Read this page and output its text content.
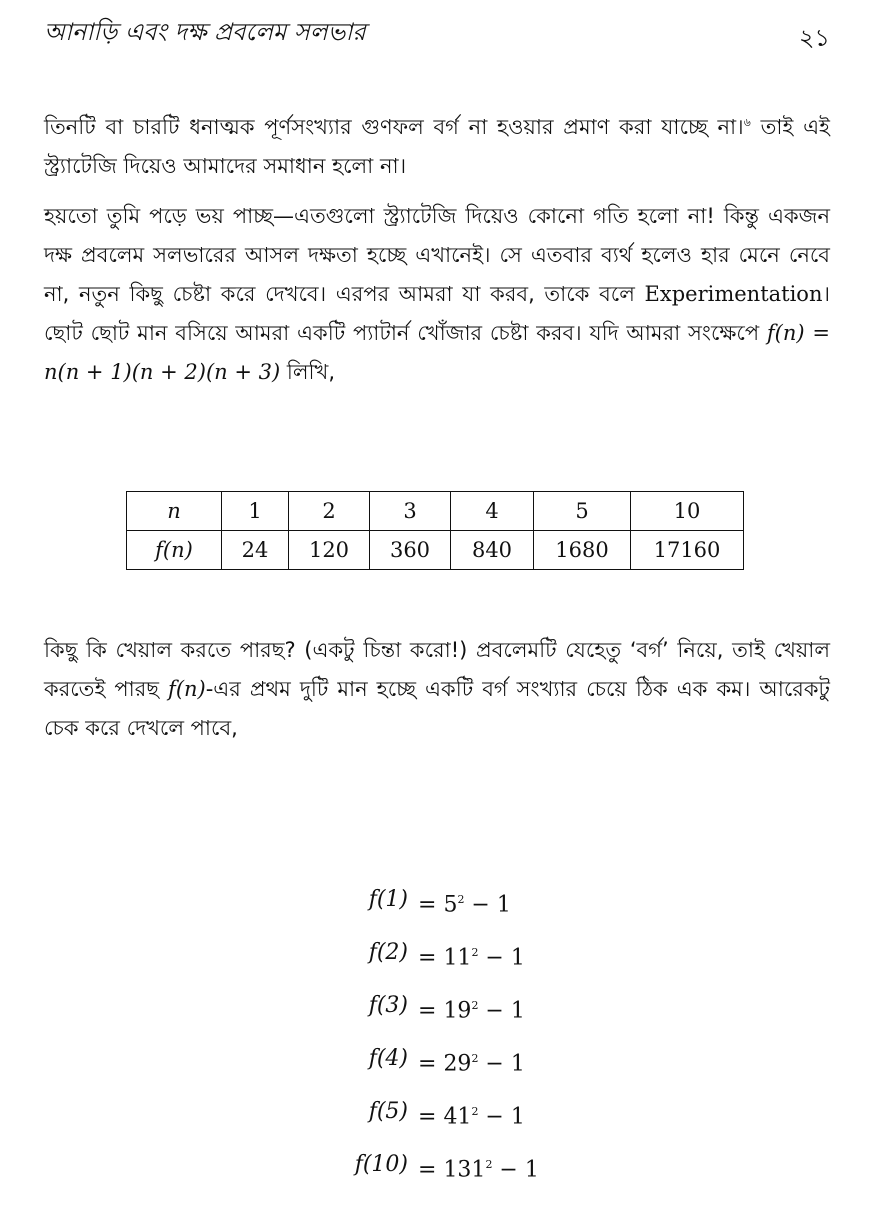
আনাড়ি এবং দক্ষ প্রবলেম সলভার	২১

তিনটি বা চারটি ধনাত্মক পূর্ণসংখ্যার গুণফল বর্গ না হওয়ার প্রমাণ করা যাচ্ছে না।$^৬$ তাই এই স্ট্র্যাটেজি দিয়েও আমাদের সমাধান হলো না।

হয়তো তুমি পড়ে ভয় পাচ্ছ—এতগুলো স্ট্র্যাটেজি দিয়েও কোনো গতি হলো না! কিন্তু একজন দক্ষ প্রবলেম সলভারের আসল দক্ষতা হচ্ছে এখানেই। সে এতবার ব্যর্থ হলেও হার মেনে নেবে না, নতুন কিছু চেষ্টা করে দেখবে। এরপর আমরা যা করব, তাকে বলে Experimentation। ছোট ছোট মান বসিয়ে আমরা একটি প্যাটার্ন খোঁজার চেষ্টা করব। যদি আমরা সংক্ষেপে f(n) = n(n + 1)(n + 2)(n + 3) লিখি,

n	1	2	3	4	5	10
f(n)	24	120	360	840	1680	17160

কিছু কি খেয়াল করতে পারছ? (একটু চিন্তা করো!) প্রবলেমটি যেহেতু ‘বর্গ’ নিয়ে, তাই খেয়াল করতেই পারছ f(n)-এর প্রথম দুটি মান হচ্ছে একটি বর্গ সংখ্যার চেয়ে ঠিক এক কম। আরেকটু চেক করে দেখলে পাবে,

$f(1) = 5^2 - 1$
$f(2) = 11^2 - 1$
$f(3) = 19^2 - 1$
$f(4) = 29^2 - 1$
$f(5) = 41^2 - 1$
$f(10) = 131^2 - 1$
